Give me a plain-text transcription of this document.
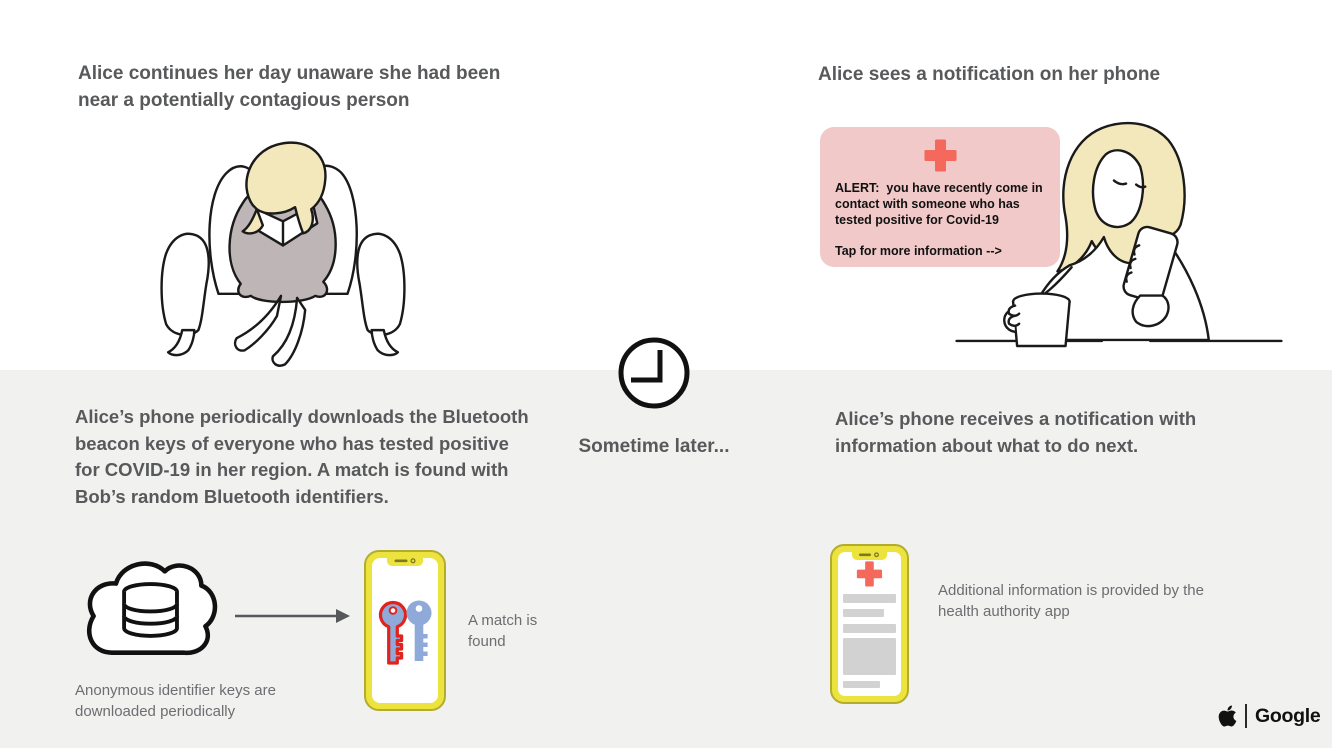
Alice continues her day unaware she had been near a potentially contagious person
Alice sees a notification on her phone

ALERT:  you have recently come in contact with someone who has tested positive for Covid-19

Tap for more information -->

Sometime later...

Alice’s phone periodically downloads the Bluetooth beacon keys of everyone who has tested positive for COVID-19 in her region. A match is found with Bob’s random Bluetooth identifiers.

A match is found

Anonymous identifier keys are downloaded periodically

Alice’s phone receives a notification with information about what to do next.

Additional information is provided by the health authority app

Google
